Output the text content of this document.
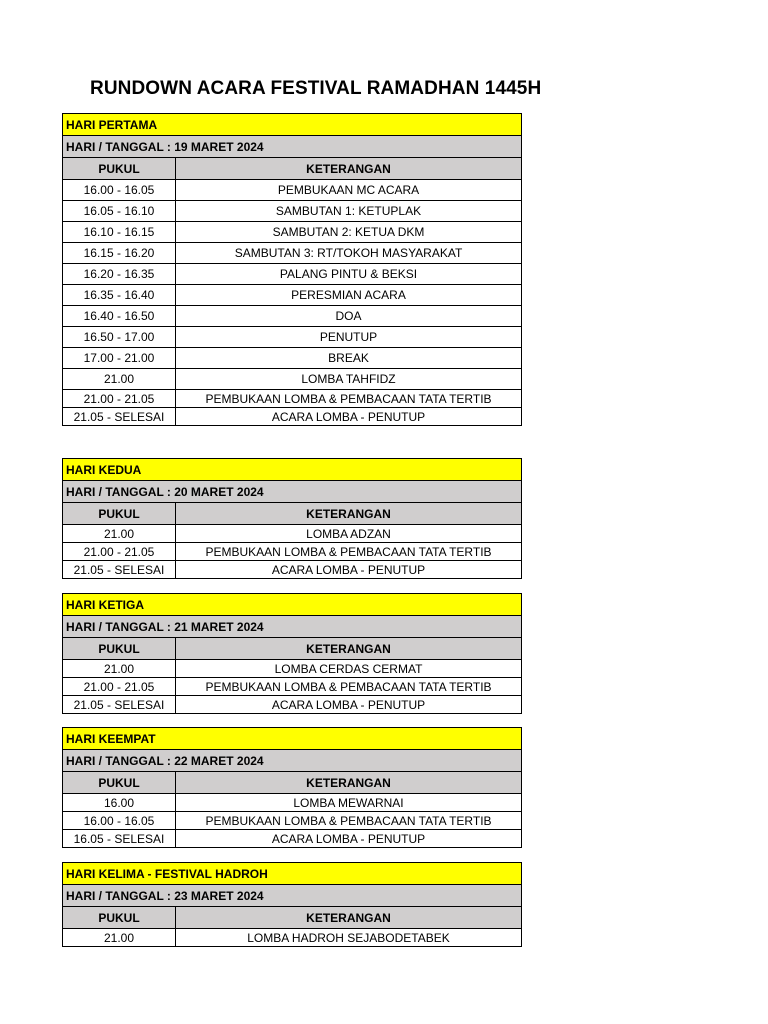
RUNDOWN ACARA FESTIVAL RAMADHAN 1445H
HARI PERTAMA	
HARI / TANGGAL : 19 MARET 2024	
PUKUL	KETERANGAN
16.00 - 16.05	PEMBUKAAN MC ACARA
16.05 - 16.10	SAMBUTAN 1: KETUPLAK
16.10 - 16.15	SAMBUTAN 2: KETUA DKM
16.15 - 16.20	SAMBUTAN 3: RT/TOKOH MASYARAKAT
16.20 - 16.35	PALANG PINTU & BEKSI
16.35 - 16.40	PERESMIAN ACARA
16.40 - 16.50	DOA
16.50 - 17.00	PENUTUP
17.00 - 21.00	BREAK
21.00	LOMBA TAHFIDZ
21.00 - 21.05	PEMBUKAAN LOMBA & PEMBACAAN TATA TERTIB
21.05 - SELESAI	ACARA LOMBA - PENUTUP
HARI KEDUA	
HARI / TANGGAL : 20 MARET 2024	
PUKUL	KETERANGAN
21.00	LOMBA ADZAN
21.00 - 21.05	PEMBUKAAN LOMBA & PEMBACAAN TATA TERTIB
21.05 - SELESAI	ACARA LOMBA - PENUTUP
HARI KETIGA	
HARI / TANGGAL : 21 MARET 2024	
PUKUL	KETERANGAN
21.00	LOMBA CERDAS CERMAT
21.00 - 21.05	PEMBUKAAN LOMBA & PEMBACAAN TATA TERTIB
21.05 - SELESAI	ACARA LOMBA - PENUTUP
HARI KEEMPAT	
HARI / TANGGAL : 22 MARET 2024	
PUKUL	KETERANGAN
16.00	LOMBA MEWARNAI
16.00 - 16.05	PEMBUKAAN LOMBA & PEMBACAAN TATA TERTIB
16.05 - SELESAI	ACARA LOMBA - PENUTUP
HARI KELIMA - FESTIVAL HADROH	
HARI / TANGGAL : 23 MARET 2024	
PUKUL	KETERANGAN
21.00	LOMBA HADROH SEJABODETABEK
